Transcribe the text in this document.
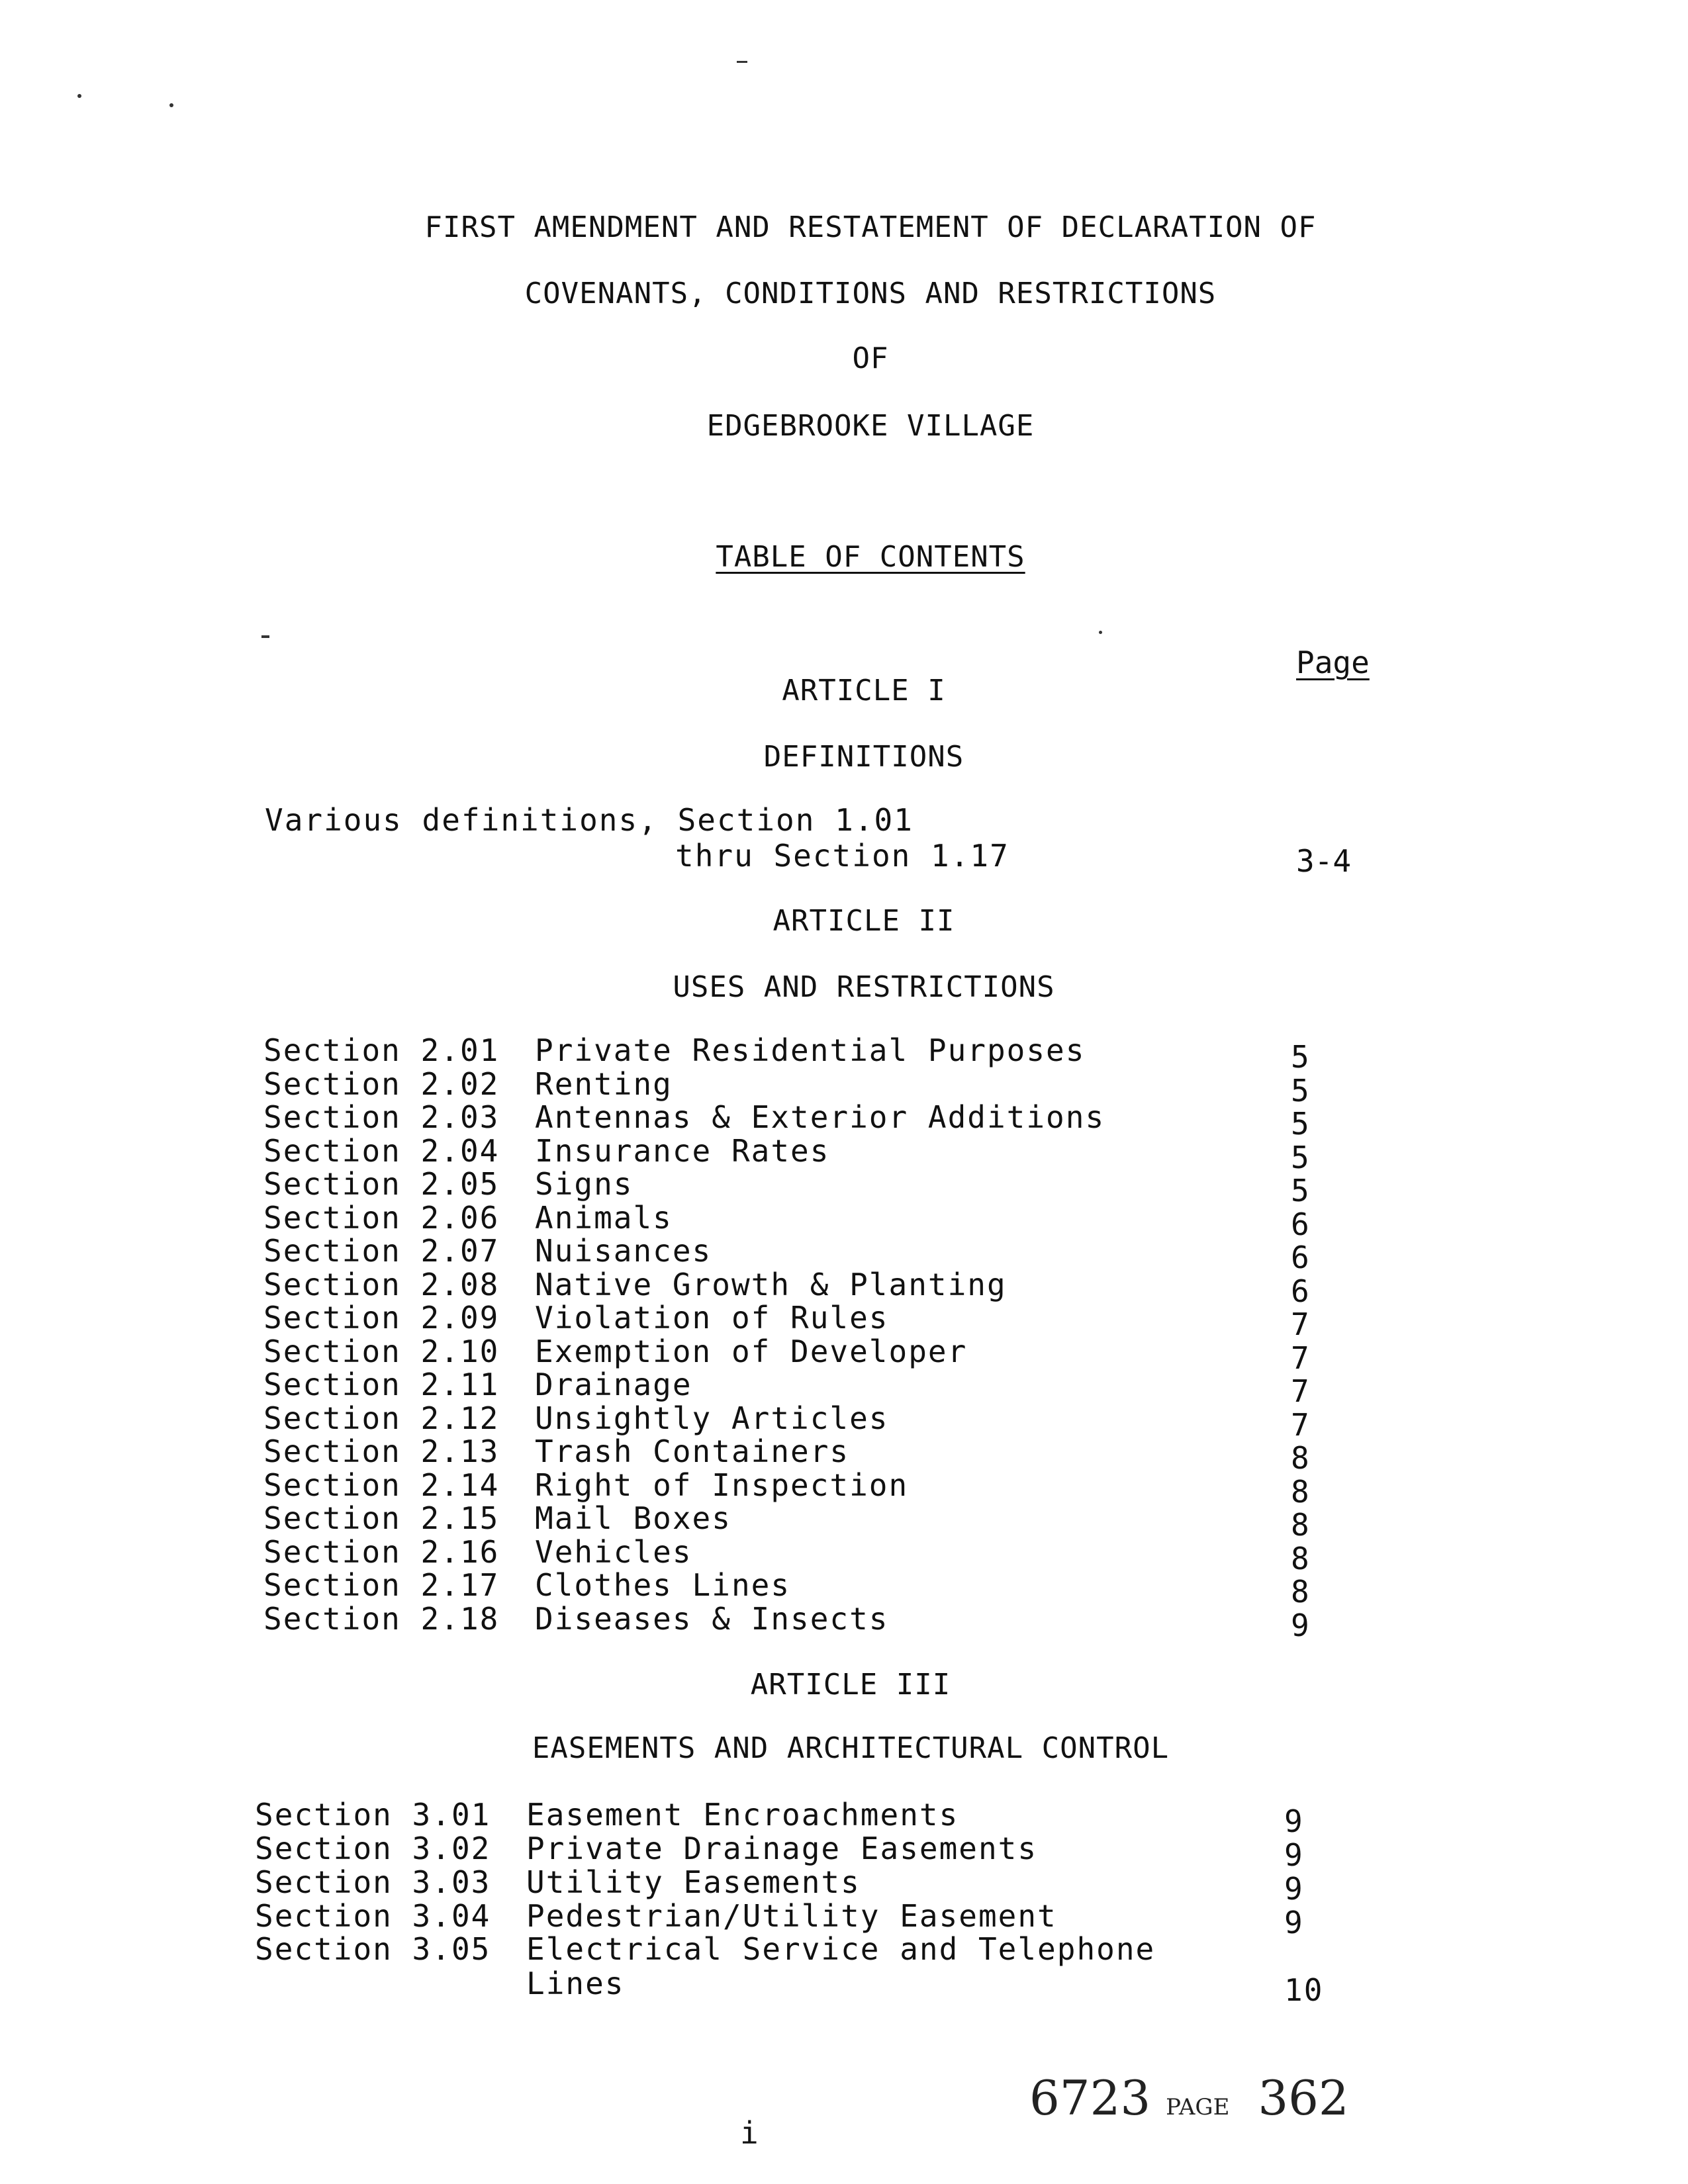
FIRST AMENDMENT AND RESTATEMENT OF DECLARATION OF
COVENANTS, CONDITIONS AND RESTRICTIONS
OF
EDGEBROOKE VILLAGE
TABLE OF CONTENTS
Page
ARTICLE I
DEFINITIONS
Various definitions, Section 1.01
thru Section 1.17	3-4
ARTICLE II
USES AND RESTRICTIONS
Section 2.01 Private Residential Purposes	5
Section 2.02 Renting	5
Section 2.03 Antennas & Exterior Additions	5
Section 2.04 Insurance Rates	5
Section 2.05 Signs	5
Section 2.06 Animals	6
Section 2.07 Nuisances	6
Section 2.08 Native Growth & Planting	6
Section 2.09 Violation of Rules	7
Section 2.10 Exemption of Developer	7
Section 2.11 Drainage	7
Section 2.12 Unsightly Articles	7
Section 2.13 Trash Containers	8
Section 2.14 Right of Inspection	8
Section 2.15 Mail Boxes	8
Section 2.16 Vehicles	8
Section 2.17 Clothes Lines	8
Section 2.18 Diseases & Insects	9
ARTICLE III
EASEMENTS AND ARCHITECTURAL CONTROL
Section 3.01 Easement Encroachments	9
Section 3.02 Private Drainage Easements	9
Section 3.03 Utility Easements	9
Section 3.04 Pedestrian/Utility Easement	9
Section 3.05 Electrical Service and Telephone
Lines	10
i
6723 PAGE 362
